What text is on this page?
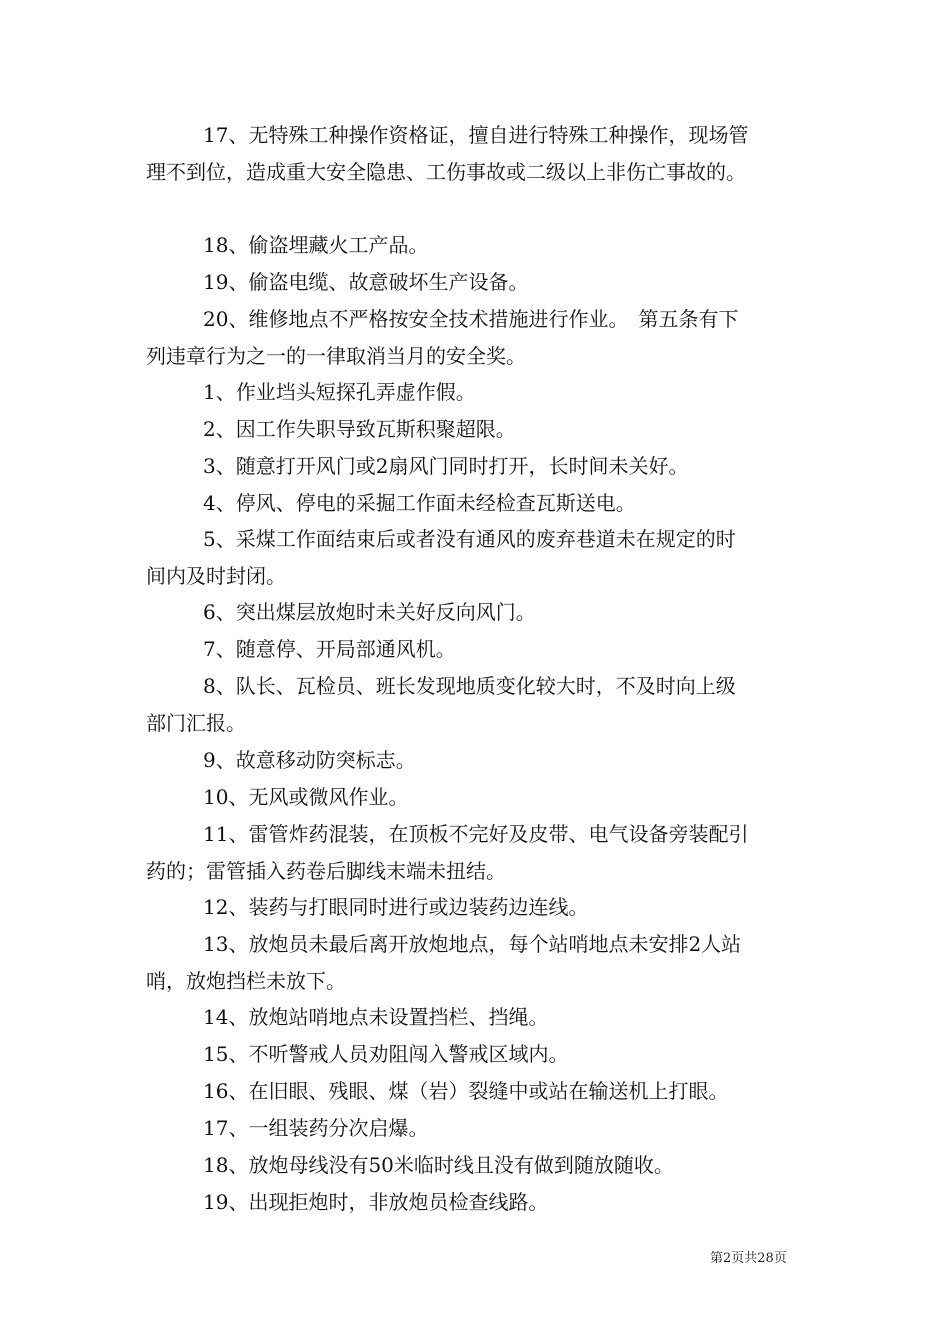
17、无特殊工种操作资格证，擅自进行特殊工种操作，现场管
理不到位，造成重大安全隐患、工伤事故或二级以上非伤亡事故的。
18、偷盗埋藏火工产品。
19、偷盗电缆、故意破坏生产设备。
20、维修地点不严格按安全技术措施进行作业。　第五条有下
列违章行为之一的一律取消当月的安全奖。
1、作业垱头短探孔弄虚作假。
2、因工作失职导致瓦斯积聚超限。
3、随意打开风门或2扇风门同时打开，长时间未关好。
4、停风、停电的采掘工作面未经检查瓦斯送电。
5、采煤工作面结束后或者没有通风的废弃巷道未在规定的时
间内及时封闭。
6、突出煤层放炮时未关好反向风门。
7、随意停、开局部通风机。
8、队长、瓦检员、班长发现地质变化较大时，不及时向上级
部门汇报。
9、故意移动防突标志。
10、无风或微风作业。
11、雷管炸药混装，在顶板不完好及皮带、电气设备旁装配引
药的；雷管插入药卷后脚线末端未扭结。
12、装药与打眼同时进行或边装药边连线。
13、放炮员未最后离开放炮地点，每个站哨地点未安排2人站
哨，放炮挡栏未放下。
14、放炮站哨地点未设置挡栏、挡绳。
15、不听警戒人员劝阻闯入警戒区域内。
16、在旧眼、残眼、煤（岩）裂缝中或站在输送机上打眼。
17、一组装药分次启爆。
18、放炮母线没有50米临时线且没有做到随放随收。
19、出现拒炮时，非放炮员检查线路。
第2页共28页
